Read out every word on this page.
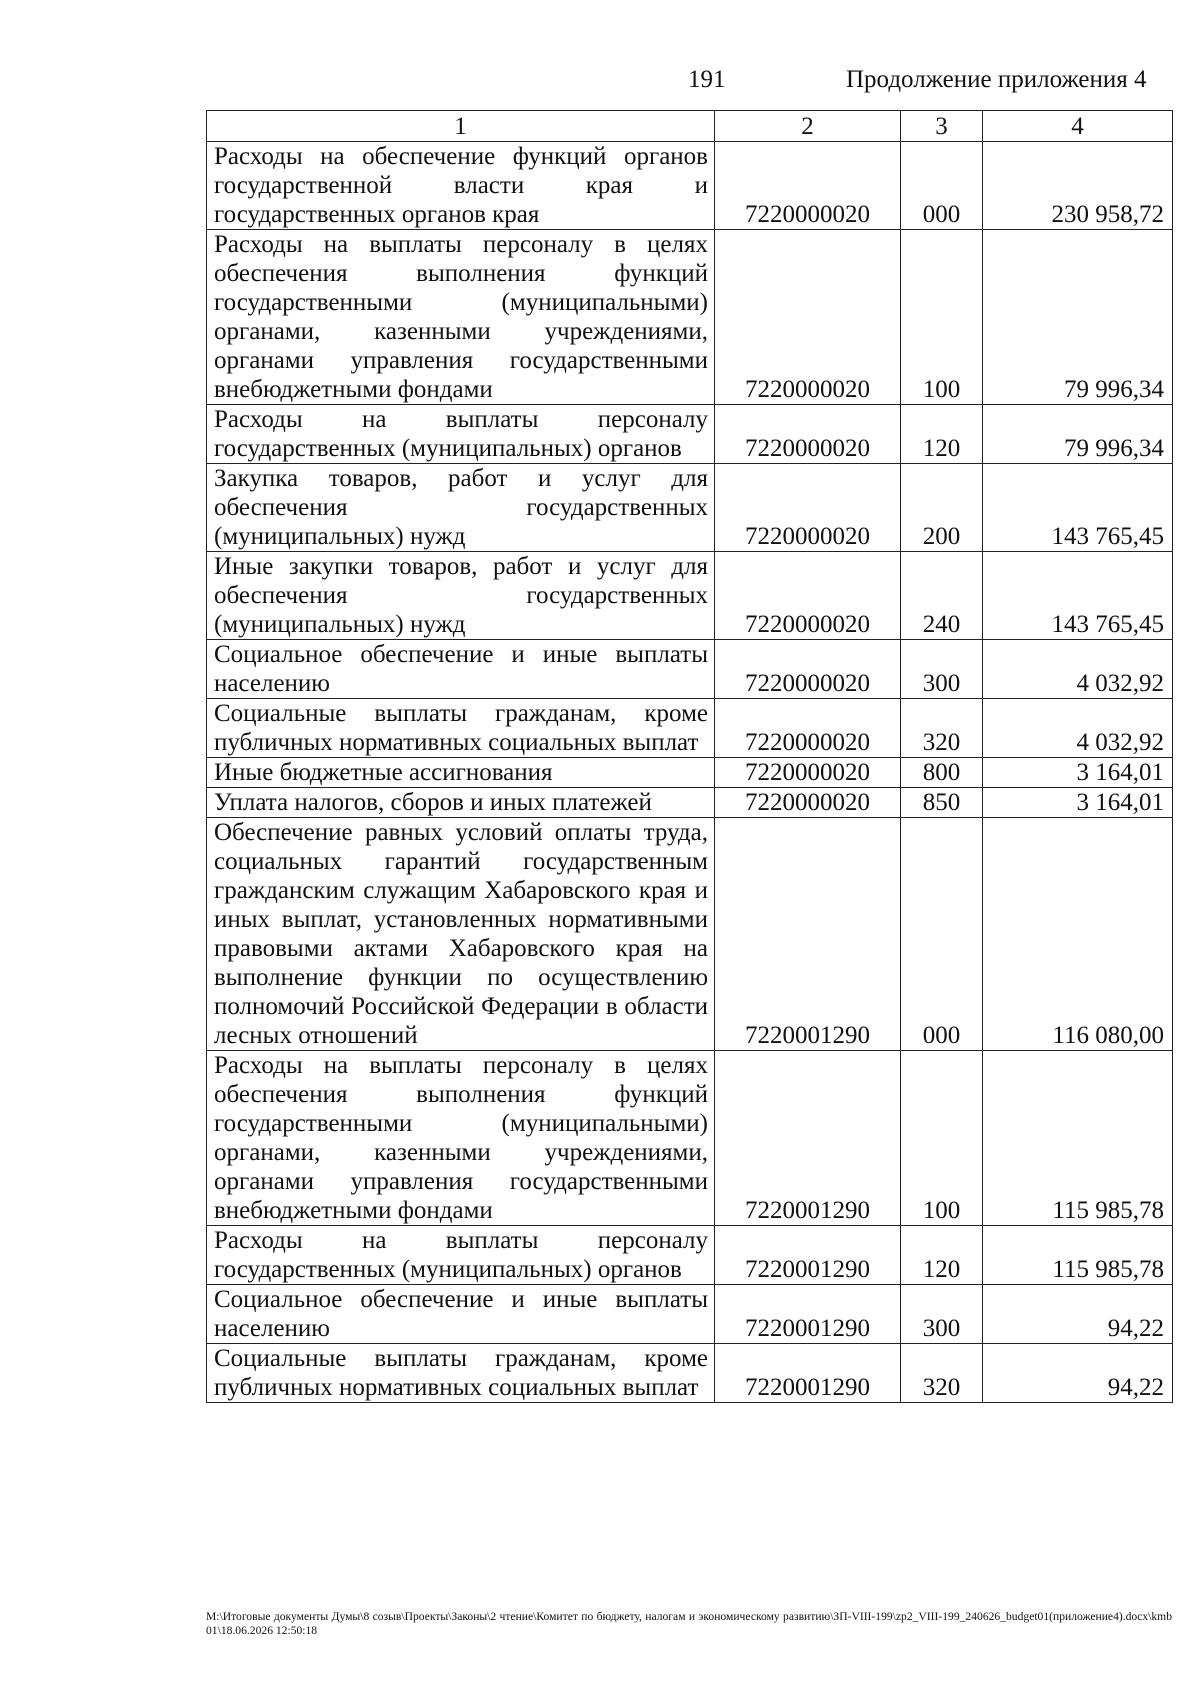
191	Продолжение приложения 4
1	2	3	4
Расходы на обеспечение функций органов государственной власти края и государственных органов края	7220000020	000	230 958,72
Расходы на выплаты персоналу в целях обеспечения выполнения функций государственными (муниципальными) органами, казенными учреждениями, органами управления государственными внебюджетными фондами	7220000020	100	79 996,34
Расходы на выплаты персоналу государственных (муниципальных) органов	7220000020	120	79 996,34
Закупка товаров, работ и услуг для обеспечения государственных (муниципальных) нужд	7220000020	200	143 765,45
Иные закупки товаров, работ и услуг для обеспечения государственных (муниципальных) нужд	7220000020	240	143 765,45
Социальное обеспечение и иные выплаты населению	7220000020	300	4 032,92
Социальные выплаты гражданам, кроме публичных нормативных социальных выплат	7220000020	320	4 032,92
Иные бюджетные ассигнования	7220000020	800	3 164,01
Уплата налогов, сборов и иных платежей	7220000020	850	3 164,01
Обеспечение равных условий оплаты труда, социальных гарантий государственным гражданским служащим Хабаровского края и иных выплат, установленных нормативными правовыми актами Хабаровского края на выполнение функции по осуществлению полномочий Российской Федерации в области лесных отношений	7220001290	000	116 080,00
Расходы на выплаты персоналу в целях обеспечения выполнения функций государственными (муниципальными) органами, казенными учреждениями, органами управления государственными внебюджетными фондами	7220001290	100	115 985,78
Расходы на выплаты персоналу государственных (муниципальных) органов	7220001290	120	115 985,78
Социальное обеспечение и иные выплаты населению	7220001290	300	94,22
Социальные выплаты гражданам, кроме публичных нормативных социальных выплат	7220001290	320	94,22
M:\Итоговые документы Думы\8 созыв\Проекты\Законы\2 чтение\Комитет по бюджету, налогам и экономическому развитию\ЗП-VIII-199\zp2_VIII-199_240626_budget01(приложение4).docx\kmb01\18.06.2026 12:50:18
